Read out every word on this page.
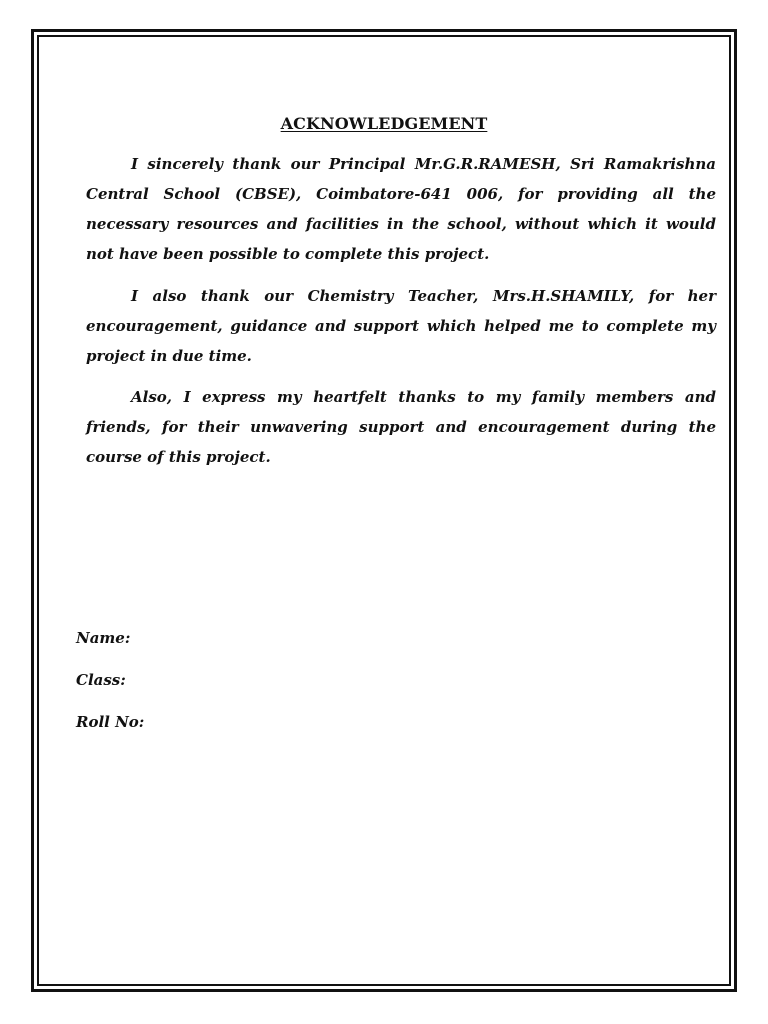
ACKNOWLEDGEMENT

I sincerely thank our Principal Mr.G.R.RAMESH, Sri Ramakrishna Central School (CBSE), Coimbatore-641 006, for providing all the necessary resources and facilities in the school, without which it would not have been possible to complete this project.

I also thank our Chemistry Teacher, Mrs.H.SHAMILY, for her encouragement, guidance and support which helped me to complete my project in due time.

Also, I express my heartfelt thanks to my family members and friends, for their unwavering support and encouragement during the course of this project.

Name:
Class:
Roll No:
